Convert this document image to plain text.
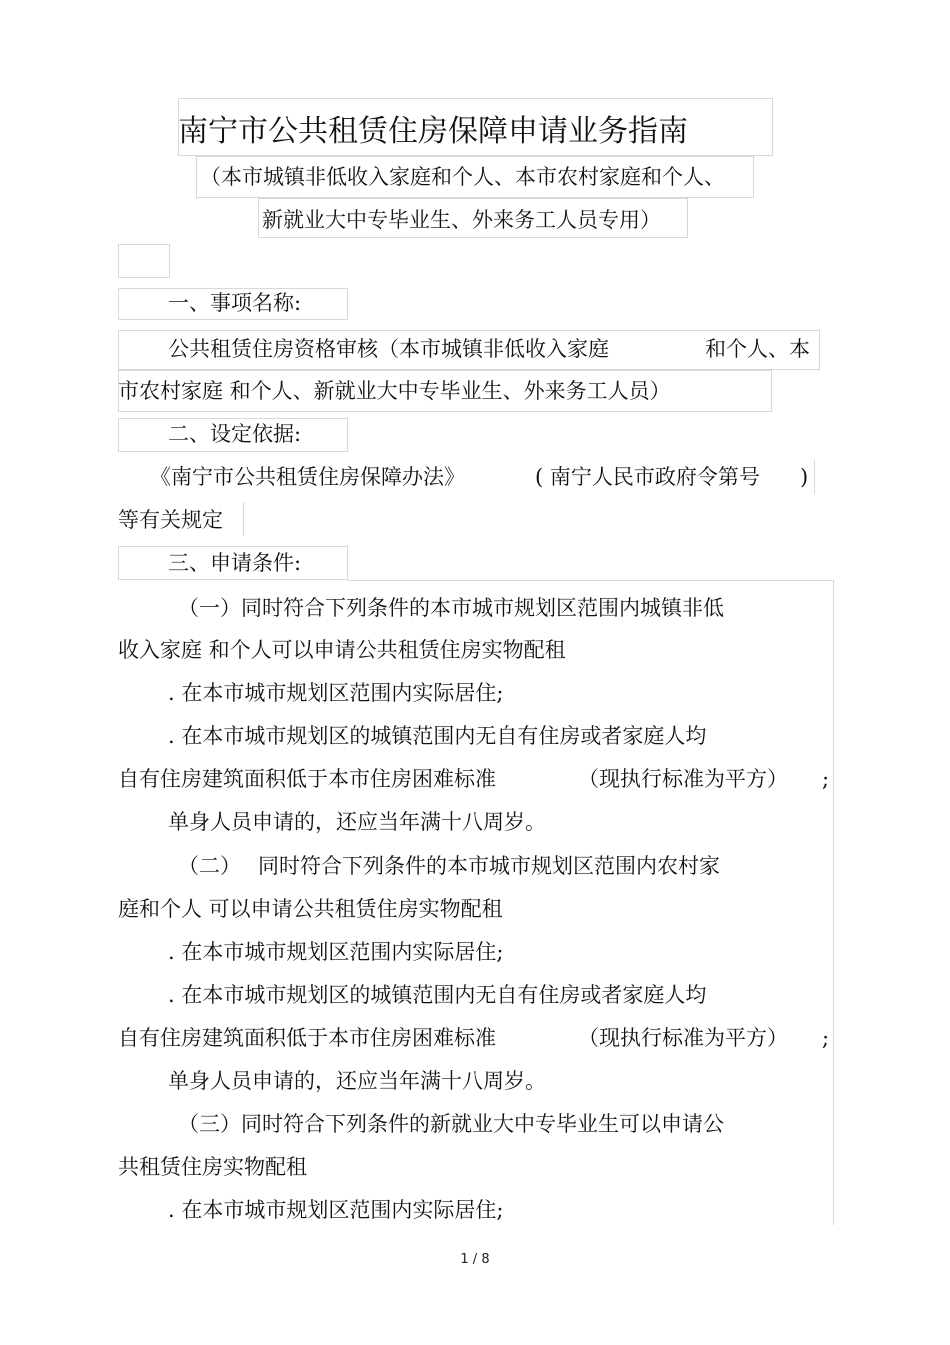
南宁市公共租赁住房保障申请业务指南
（本市城镇非低收入家庭和个人、本市农村家庭和个人、
新就业大中专毕业生、外来务工人员专用）
一、事项名称:
公共租赁住房资格审核（本市城镇非低收入家庭	和个人、本
市农村家庭 和个人、新就业大中专毕业生、外来务工人员）
二、设定依据:
《南宁市公共租赁住房保障办法》	( 南宁人民市政府令第号 )
等有关规定
三、申请条件:
（一）同时符合下列条件的本市城市规划区范围内城镇非低
收入家庭 和个人可以申请公共租赁住房实物配租
. 在本市城市规划区范围内实际居住;
. 在本市城市规划区的城镇范围内无自有住房或者家庭人均
自有住房建筑面积低于本市住房困难标准	（现执行标准为平方） ;
单身人员申请的，还应当年满十八周岁。
（二） 同时符合下列条件的本市城市规划区范围内农村家
庭和个人 可以申请公共租赁住房实物配租
. 在本市城市规划区范围内实际居住;
. 在本市城市规划区的城镇范围内无自有住房或者家庭人均
自有住房建筑面积低于本市住房困难标准	（现执行标准为平方） ;
单身人员申请的，还应当年满十八周岁。
（三）同时符合下列条件的新就业大中专毕业生可以申请公
共租赁住房实物配租
. 在本市城市规划区范围内实际居住;
1 / 8
